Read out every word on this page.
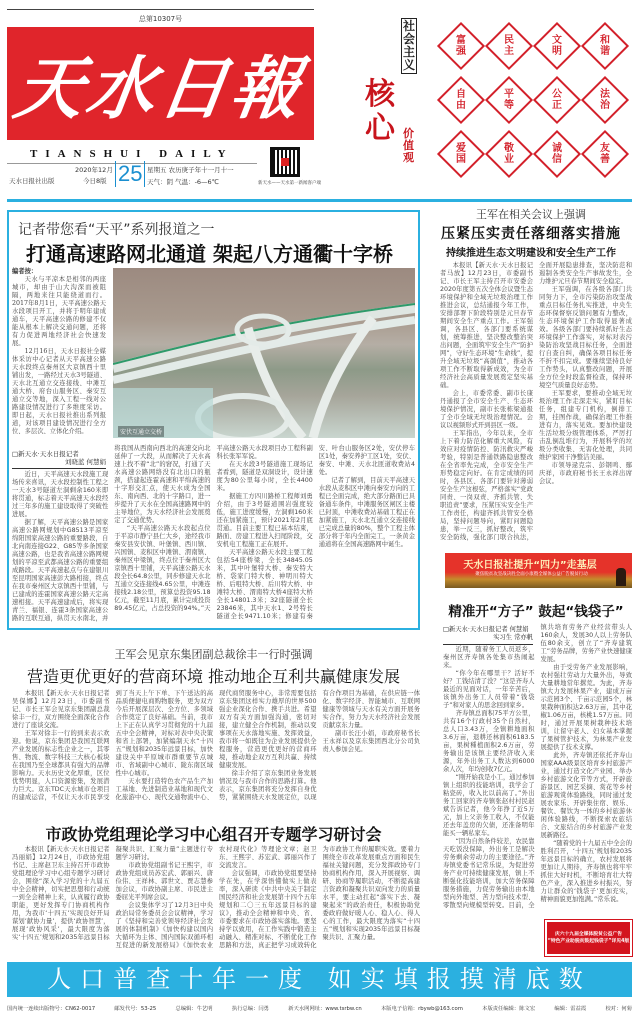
总第10307号
天水日報
TIANSHUI DAILY
天水日报社出版
2020年12月
今日8版 25 星期五 农历庚子年十一月十一
天气：阴 气温：-6—6℃	新天水——天水第一新闻客户端
社会主义
核心 价值观
富
强
民
主
文
明
和
谐
自
由
平
等
公
正
法
治
爱
国
敬
业
诚
信
友
善
记者带您看“天平”系列报道之一
打通高速路网北通道 架起八方通衢十字桥
编者按：

天水与平凉本是相邻的两座城市，却由于山大沟深而被阻隔，两地来往只能绕道而行。2017年8月1日，天平高速公路天水段项目开工，并将于明年建成通车，天平高速公路的修建不仅能从根本上解决交通问题，还将有力促进两地经济社会快速发展。

12月16日，天水日报社全媒体采访中心记者从天平高速公路天水段终点秦州区大京镇西十里铺出发，一路经过天水3号隧道、天水北互通立交连接线、中滩互通大桥、府台山服务区、秦安互通立交等地，深入工程一线对公路建设情况进行了多维度采访。即日起，天水日报社推出系列报道，对该项目建设情况进行全方位、多层次、立体化介绍。	安伏互通立交桥

近日，天平高速天水段施工现场传来喜讯，天水段控制性工程之一天水3号隧道左洞剩余160米即将贯通，标志着天平高速天水段经过三年多的施工建设取得了突破性进展。

据了解，天平高速公路是国家高速公路网规划中G8513平凉至绵阳国家高速公路的重要路段，自北向南连接G22、G85等多条国家高速公路，也是我省高速公路网规划的平凉至武都高速公路的重要组成路段。天平高速起点与在建银川至昆明国家高速彭大路相接，终点在我市秦州区大京镇西十里铺，与已建成的连霍国家高速公路天定高速相接。天平高速建成后，将实现青兰、福银、连霍3条国家高速公路的互联互通，纵贯天水南北，并将我国从西南向西北的高速交向北延伸了一大段，从而解决了天水高速上找不着“北”的窘况，打通了天水高速公路网络没有北出口的瓶颈，搭建起连霍高速和平绵高速的十字形交汇点，使天水成为全国东、南向西、北的十字路口，进一步提升了天水在全国高速路网中的主导地位，为天水经济社会发展奠定了交通优势。

“天平高速公路天水段起点位于平凉市静宁县仁大乡，途经我市秦安县安伏镇、叶堡镇、西川镇、兴国镇、麦积区中滩镇、渭南镇、秦州区中梁镇，终点位于秦州区大京镇西十里铺，天平高速公路天水段全长64.8公里，同步修建天水北互通立交连接线4.65公里，中滩连接线2.18公里，预算总投资95.18亿元，截至11月底，累计完成投资89.45亿元，占总投资的94%。”天平高速公路天水段项目办工程科副科长张军军说。

在天水段3号隧道施工现场记者看到，隧道是双洞设计，设计速度为80公里每小时，全长4400米。

据施工方四川路桥工程师刘勇介绍，由于3号隧道围岩强度较低，施工进度缓慢，左洞剩160米还在加紧施工，预计2021年2月底贯通。目前主要工程已基本结束，路面、房建工程进入扫尾阶段，交安机电工程施工正在展开。

天平高速公路天水段主要工程包括54座桥梁，全长34845.05米，其中叶堡特大桥、秦安特大桥、袋家门特大桥、神明川特大桥、后咀特大桥、后川特大桥、中滩特大桥、渭南特大桥4座特大桥全长14801.3米；32座隧道全长23846米，其中天水1、2号特长隧道全长9471.10米；修建有秦安、叶台山服务区2处，安伏停车区1处，秦安养护工区1处，安伏、秦安、中滩、天水北匝道收费站4处。

记者了解到，目前天平高速天水段从麦积区中滩向秦安方向的工程已全面完成，绝大部分路面已具备通车条件，中滩服务区闸区主楼已封顶，中滩收费站基础工程正在加紧施工，天水北互通立交连接线已完成总量的80%，整个工程主体部分将于年内全面完工，一条黄金通道将在全国高速路网中诞生。

□新天水·天水日报记者
刘晓蓝 何慧娟
王军在相关会议上强调
压紧压实责任落细落实措施
持续推进生态文明建设和安全生产工作

本报讯【新天水·天水日报记者马放】12月23日，市委副书记、市长王军主持召开市安委会2020年度第五次全体会议暨生态环境保护和全域无垃圾治理工作推进会议，总结通报今年工作，安排部署下阶段特别是元旦春节期间安全生产重点工作。王军强调，各县区、各部门要系统谋划，统筹推进，坚决整改整治突出问题，全面筑牢安全生产“防护网”，守好生态环境“生命线”，提升全域无垃圾“高颜值”，推动各项工作不断取得新成效，为全市经济社会高质量发展奠定坚实基础。

会上，市委常委、副市长康丹通报了全市安全生产、生态环境保护情况，副市长张栋梁通报了全市全域无垃圾治理情况。会议以视频形式开到县区一级。

王军指出，今年以来，全市上下着力防范化解重大风险，有效应对疫情防控、防汛救灾严峻考验，特别是普通铁路隐患整改在全省率先完成，全市安全生产形势稳定向好。在肯定成绩的同时，各县区、各部门要针对薄弱安全生产这根弦，严格落实“党政同责、一岗双责、齐抓共管、失职追责”要求，压紧压实安全生产工作责任，构建齐抓共管安全格局，坚持问题导向，紧盯问题隐患，举一反三，抓好整改，筑牢安全防线，强化部门联合执法，全面开展隐患排查，坚决防范和遏制各类安全生产事故发生，全力维护元旦春节期间安全稳定。

王军强调，在各级各部门共同努力下，全市污染防治攻坚战重点目标任务扎实推进，中央生态环保督察反馈问题有力整改，生态环境保护工作取得显著成效。各级各部门要持续抓好生态环境保护工作落实，对标对表污染防治攻坚战目标任务，全面进行自查自纠，确保各项目标任务不折不扣完成。要继续坚持良好工作势头，认真整改问题，开展全方位全时段监督检查，保持环境空气质量良好态势。

王军要求，要推动全域无垃圾治理工作走深走实，紧盯目标任务，组建专门机构，倒排工期，挂图作战，确保治理工作推进有力，落实见效。要加快建设生活垃圾分级管理体系，严厉打击乱倒乱堆行为，开展科学的垃圾分类收集、无害化处理，共同维护家园干净整洁美丽。

市领导逯克宗、彭钢鸣、鄢庆祥，市政府秘书长王永祥出席会议。

天水日报社提升“四力”走基层
聚焦脱贫攻坚战决胜全面小康暨全媒体公益广告脱贫行动
精准开“方子” 鼓起“钱袋子”

近期，随着务工人员返乡，秦州区齐寿镇各处集市热闹起来。

“你今年在哪里干？活好不好？工钱结清了没？”这是齐寿人最近的见面对话，一年辛苦后，该镇外出务工人员带着“钱袋子”和对家人的思念回到家乡。

齐寿镇总面积75平方公里，共有16个行政村35个自然村，总人口3.43万，全镇耕地面积3.6万亩，退耕还林面积6183.5亩，果树種植面积2.6万亩，劳务输出是该镇主要经济收入来源，年外出务工人数达到6000余人次，年均创收7亿元。

“刚开始我是小工，通过参加镇上组织的技能培训，我学会了粘瓷砖，收入比以前高了。”外出务工回家的齐寿镇张赵村村民赵斌告诉记者，他今年挣了近5万元，加上父亲务工收入，不仅能还去年盖房的欠债，还准备明年能买一辆私家车。

“因为自然条件较差，农民靠天吃饭没保障，外出务工是解决劳务剩余劳动力的主要途径。”齐寿镇党委书记常乐说，为促进劳务产业可持续健康发展，镇上不断强化技能培训，加大劳务保障服务措施，力促劳务输出由本地型向外地型、苦力型向技术型、零散型向规模型转变。目前，全镇共培育劳务产业经营带头人160余人，发展30人以上劳务队伍80余支，创立了“齐寿建筑工”劳务品牌，劳务产业快速健康发展。

由于受劳务产业发展影响，农村强壮劳动力大量外出，导致大量耕地常年撂荒。为此，齐寿镇大力发展林果产业，建成万亩示范园3个、千亩示范园5个，林果栽种面积达2.63万亩，其中花椒1.06万亩，核桃1.57万亩。同时，通过开展果树栽种技术培训，让留守老人、妇女基本掌握了果树管护技术，为林果产业发展提供了技术支撑。

此外，齐寿镇还依托齐寿山国家AAA级景区培育乡村旅游产业，通过打造文化产业园、举办乡村旅游文化节等方式，开辟旅游景区、园艺采摘、赏花等乡村旅游观赏体验路线，同时通过发展农家乐、开辟集住宿、娱乐、餐饮、餐饮为一体的乡村旅游休闲体验路线，不断探索农旅结合、文旅结合的乡村旅游产业发展新路径。

“随着党的十九届五中全会的胜利召开，‘十四五’规划和2035年远景目标的确立，农村发展将更加让人期待，齐寿镇也将牢牢抓住大好时机，不断培育壮大特色产业，深入推进乡村振兴，努力让群众的‘钱袋子’更加充实，精神面貌更加饱满。”常乐说。

□新天水·天水日报记者 何慧娟
实习生 常亦帆
庆六十九届全媒体脱贫公益广告
“特色产业助脱贫鼓起钱袋子”详见4版
王军会见京东集团副总裁徐丰一行时强调
营造更优更好的营商环境 推动地企互利共赢健康发展

本报讯【新天水·天水日报记者吴保娜】12月23日，市委副书记、市长王军会见京东集团副总裁徐丰一行，双方围绕全面深化合作进行了座谈交流。

王军对徐丰一行的到来表示欢迎。他说，京东集团是我国互联网产业发展的标志性企业之一，其零售、物流、数字科技三大核心板块在我国乃至全球都具有强大的品牌影响力。天水历史文化厚重，区位优势明显，人口资源密集，发展潜力巨大。京东TDC天水城市仓项目的建成运营，不仅让天水市民享受到了当天上午下单、下午送达的高品质便捷电商购物服务，更为双方今后开展深层次、全方位、多领域合作奠定了良好基础。当前，我市上下正在认真学习贯彻党的十九届五中全会精神，对标对表中央决策和省上部署，加紧编制天水“十四五”规划和2035年远景目标，加快建设关中平原城市群重要节点城市、省域副中心城市、陇东南区域性中心城市。

天水要打造特色农产品生产加工基地、先进制造业基地和现代文化旅游中心、现代交通物流中心、现代商贸服务中心，非常需要包括京东集团这样实力雄厚的世界500强企业深化合作、携手共进。希望双方有关方面加强沟通，密切对接，建立健全合作机制，推动以变事项在天水落地实施、发挥效益，我市将一如既往为企业发展提供全程服务，营造更优更好的营商环境，推动地企双方互利共赢、持续健康发展。

徐丰介绍了京东集团业务发展情况及与我市合作的思路打算。他表示，京东集团将充分发挥自身优势，紧紧围绕天水发展定位，以现有合作项目为基础，在供应链一体化、数字经济、智能城市、互联网健康等领域与天水有关方面开展务实合作，努力为天水经济社会发展贡献京东力量。

副市长汪小娟，市政府秘书长王永祥以及京东集团西北分公司负责人参加会见。

市政协党组理论学习中心组召开专题学习研讨会

本报讯【新天水·天水日报记者冯丽娟】12月24日，市政协党组书记、主席赵卫东主持召开市政协党组理论学习中心组专题学习研讨会，围绕“深入学习党的十九届五中全会精神，切实把思想和行动统一到全会精神上来，认真履行政协职能，更好发挥专门协商机构作用，为我市‘十四五’实现良好开局谋划’献协力量’，提供‘政协智慧’，展现‘政协风采’，最大限度为落实‘十四五’规划和2035年远景目标凝聚共识、汇聚力量”主题进行专题学习研讨。

市政协党组副书记王熙宇，市政协党组成员苏宏武、郭丽兴、唐俭伟、王祥林、郭世文、贾志慧参加会议，市政协副主席、市民进主委屈光平列席会议。

会议集体学习了12月3日中央政治局常务委员会会议精神，学习了《坚持和完善党领导经济社会发展的体制机制》《加快构建以国内大循环为主体、国内国际双循环相互促进的新发展格局》《加快农业农村现代化》等理论文章；赵卫东、王熙宇、苏宏武、郭丽兴作了交流发言。

会议强调，市政协党组要坚持学在先，在学深悟懂做实上做表率，深入研读《中共中央关于制定国民经济和社会发展第十四个五年规划和二〇三五年远景目标的建议》，推动全会精神和中央、省、市委要求在市政协落实落地。要坚持学以致用，在工作实践中锻造主动融入、精准对标、不断优化工作思路和方法，真正把学习成效转化为市政协工作的履职实效。要着力围绕全市改革发展重点方面和民生福祉关键问题，充分发挥政协专门协商机构作用，深入开展视察、调研、协商等履职活动，不断提高建言资政和凝聚共识双向发力的质量水平，要主动扛起“落实下去、凝聚起来”的政治责任，积极协助党委政府做好暖人心、稳人心、得人心的工作，最大限度为落实“十四五”规划和实现2035年远景目标凝聚共识、汇聚力量。

人口普查十年一度 如实填报摸清底数
国内统一连续出版物号：CN62-0017	邮发代号：53-25	总编辑：牛艺明	执行总编：闫勇	新天水网网址：www.tsrbw.cn	本版电子信箱：rbywb@163.com	本版责任编辑：陈文宏	编辑：雷益霞	校对：何菊
